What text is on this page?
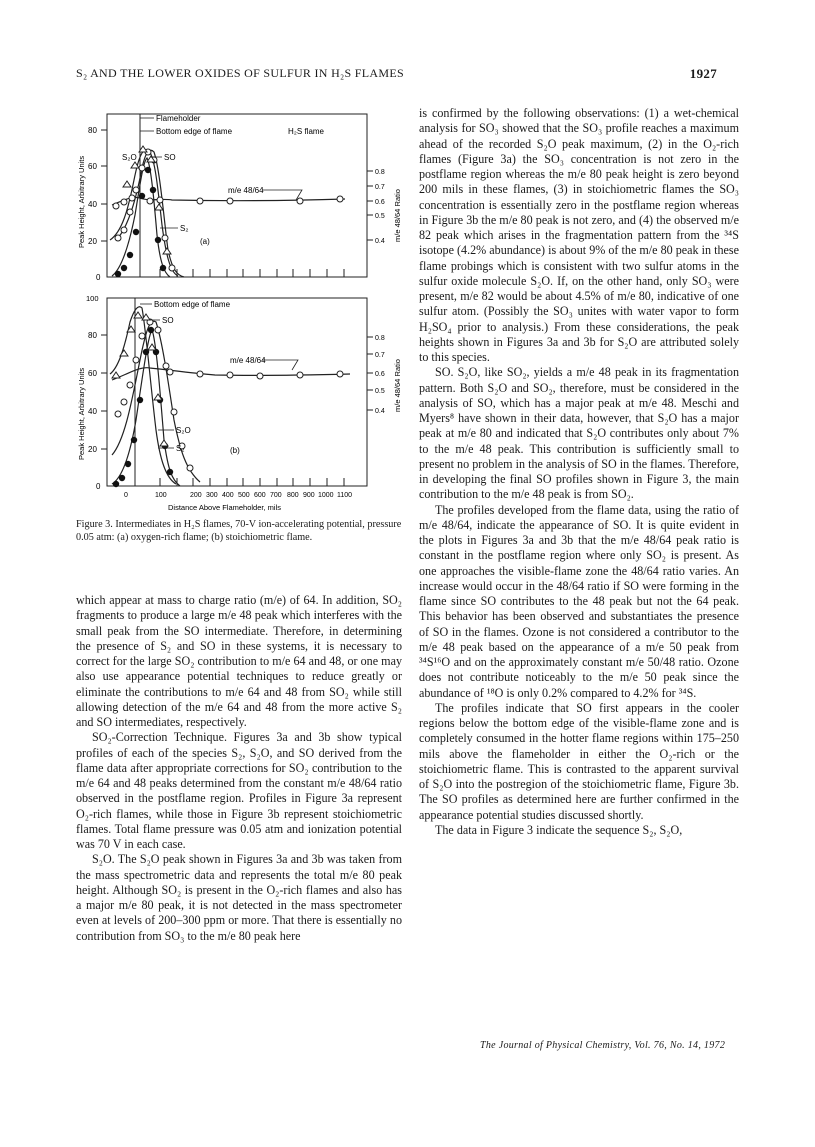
S₂ AND THE LOWER OXIDES OF SULFUR IN H₂S FLAMES	1927
Flameholder
Bottom edge of flame	H₂S flame
S₂O	SO
m/e 48/64
S₂
(a)
80
60
40
20
0.8
0.7
0.6
0.5
0.4
Peak Height, Arbitrary Units	m/e 48/64 Ratio
0
Bottom edge of flame
SO
m/e 48/64
S₂O
S₂	(b)
100
80
60
40
20
0.8
0.7
0.6
0.5
0.4
Peak Height, Arbitrary Units	m/e 48/64 Ratio
0
0	100	200 300 400 500 600 700 800 900 1000 1100
Distance Above Flameholder, mils
Figure 3. Intermediates in H₂S flames, 70-V ion-accelerating potential, pressure 0.05 atm: (a) oxygen-rich flame; (b) stoichiometric flame.

which appear at mass to charge ratio (m/e) of 64. In addition, SO₂ fragments to produce a large m/e 48 peak which interferes with the small peak from the SO intermediate. Therefore, in determining the presence of S₂ and SO in these systems, it is necessary to correct for the large SO₂ contribution to m/e 64 and 48, or one may also use appearance potential techniques to reduce greatly or eliminate the contributions to m/e 64 and 48 from SO₂ while still allowing detection of the m/e 64 and 48 from the more active S₂ and SO intermediates, respectively.

SO₂-Correction Technique. Figures 3a and 3b show typical profiles of each of the species S₂, S₂O, and SO derived from the flame data after appropriate corrections for SO₂ contribution to the m/e 64 and 48 peaks determined from the constant m/e 48/64 ratio observed in the postflame region. Profiles in Figure 3a represent O₂-rich flames, while those in Figure 3b represent stoichiometric flames. Total flame pressure was 0.05 atm and ionization potential was 70 V in each case.

S₂O. The S₂O peak shown in Figures 3a and 3b was taken from the mass spectrometric data and represents the total m/e 80 peak height. Although SO₂ is present in the O₂-rich flames and also has a major m/e 80 peak, it is not detected in the mass spectrometer even at levels of 200–300 ppm or more. That there is essentially no contribution from SO₃ to the m/e 80 peak here

is confirmed by the following observations: (1) a wet-chemical analysis for SO₃ showed that the SO₃ profile reaches a maximum ahead of the recorded S₂O peak maximum, (2) in the O₂-rich flames (Figure 3a) the SO₃ concentration is not zero in the postflame region whereas the m/e 80 peak height is zero beyond 200 mils in these flames, (3) in stoichiometric flames the SO₃ concentration is essentially zero in the postflame region whereas in Figure 3b the m/e 80 peak is not zero, and (4) the observed m/e 82 peak which arises in the fragmentation pattern from the ³⁴S isotope (4.2% abundance) is about 9% of the m/e 80 peak in these flame probings which is consistent with two sulfur atoms in the sulfur oxide molecule S₂O. If, on the other hand, only SO₃ were present, m/e 82 would be about 4.5% of m/e 80, indicative of one sulfur atom. (Possibly the SO₃ unites with water vapor to form H₂SO₄ prior to analysis.) From these considerations, the peak heights shown in Figures 3a and 3b for S₂O are attributed solely to this species.

SO. S₂O, like SO₂, yields a m/e 48 peak in its fragmentation pattern. Both S₂O and SO₂, therefore, must be considered in the analysis of SO, which has a major peak at m/e 48. Meschi and Myers⁸ have shown in their data, however, that S₂O has a major peak at m/e 80 and indicated that S₂O contributes only about 7% to the m/e 48 peak. This contribution is sufficiently small to present no problem in the analysis of SO in the flames. Therefore, in developing the final SO profiles shown in Figure 3, the main contribution to the m/e 48 peak is from SO₂.

The profiles developed from the flame data, using the ratio of m/e 48/64, indicate the appearance of SO. It is quite evident in the plots in Figures 3a and 3b that the m/e 48/64 peak ratio is constant in the postflame region where only SO₂ is present. As one approaches the visible-flame zone the 48/64 ratio varies. An increase would occur in the 48/64 ratio if SO were forming in the flame since SO contributes to the 48 peak but not the 64 peak. This behavior has been observed and substantiates the presence of SO in the flames. Ozone is not considered a contributor to the m/e 48 peak based on the appearance of a m/e 50 peak from ³⁴S¹⁶O and on the approximately constant m/e 50/48 ratio. Ozone does not contribute noticeably to the m/e 50 peak since the abundance of ¹⁸O is only 0.2% compared to 4.2% for ³⁴S.

The profiles indicate that SO first appears in the cooler regions below the bottom edge of the visible-flame zone and is completely consumed in the hotter flame regions within 175–250 mils above the flameholder in either the O₂-rich or the stoichiometric flame. This is contrasted to the apparent survival of S₂O into the postregion of the stoichiometric flame, Figure 3b. The SO profiles as determined here are further confirmed in the appearance potential studies discussed shortly.

The data in Figure 3 indicate the sequence S₂, S₂O,

The Journal of Physical Chemistry, Vol. 76, No. 14, 1972
